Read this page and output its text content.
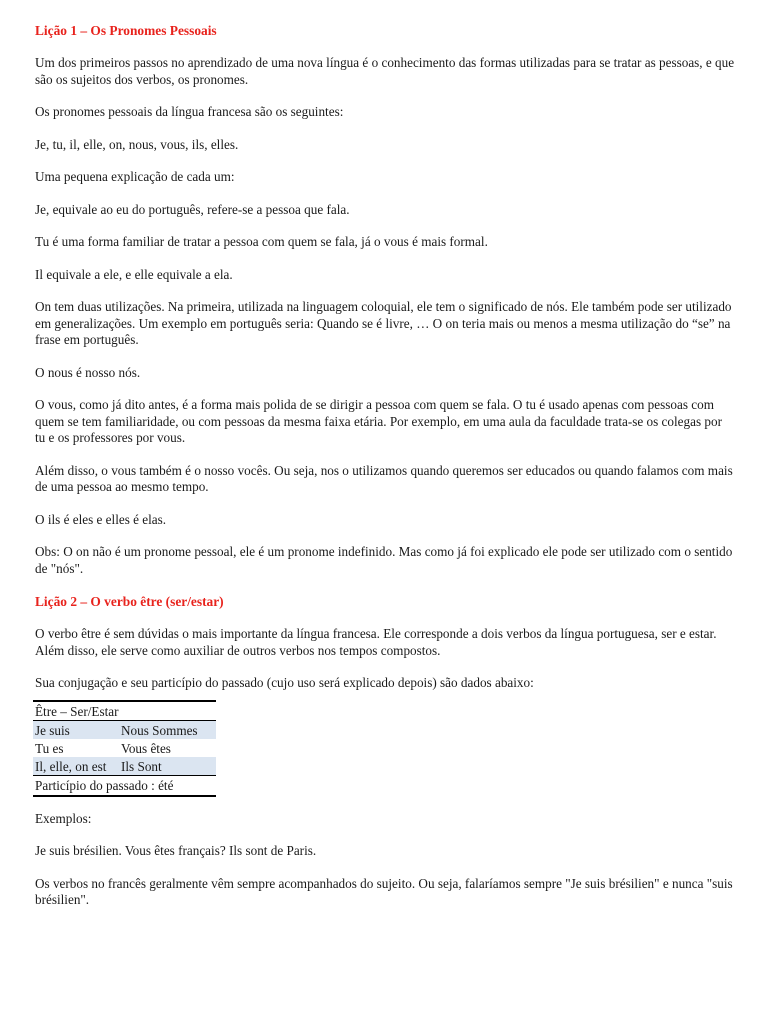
Lição 1 – Os Pronomes Pessoais

Um dos primeiros passos no aprendizado de uma nova língua é o conhecimento das formas utilizadas para se tratar as pessoas, e que são os sujeitos dos verbos, os pronomes.

Os pronomes pessoais da língua francesa são os seguintes:

Je, tu, il, elle, on, nous, vous, ils, elles.

Uma pequena explicação de cada um:

Je, equivale ao eu do português, refere-se a pessoa que fala.

Tu é uma forma familiar de tratar a pessoa com quem se fala, já o vous é mais formal.

Il equivale a ele, e elle equivale a ela.

On tem duas utilizações. Na primeira, utilizada na linguagem coloquial, ele tem o significado de nós. Ele também pode ser utilizado em generalizações. Um exemplo em português seria: Quando se é livre, … O on teria mais ou menos a mesma utilização do “se” na frase em português.

O nous é nosso nós.

O vous, como já dito antes, é a forma mais polida de se dirigir a pessoa com quem se fala. O tu é usado apenas com pessoas com quem se tem familiaridade, ou com pessoas da mesma faixa etária. Por exemplo, em uma aula da faculdade trata-se os colegas por tu e os professores por vous.

Além disso, o vous também é o nosso vocês. Ou seja, nos o utilizamos quando queremos ser educados ou quando falamos com mais de uma pessoa ao mesmo tempo.

O ils é eles e elles é elas.

Obs: O on não é um pronome pessoal, ele é um pronome indefinido. Mas como já foi explicado ele pode ser utilizado com o sentido de "nós".

Lição 2 – O verbo être (ser/estar)

O verbo être é sem dúvidas o mais importante da língua francesa. Ele corresponde a dois verbos da língua portuguesa, ser e estar. Além disso, ele serve como auxiliar de outros verbos nos tempos compostos.

Sua conjugação e seu particípio do passado (cujo uso será explicado depois) são dados abaixo:

Être – Ser/Estar	
Je suis	Nous Sommes
Tu es	Vous êtes
Il, elle, on est	Ils Sont
Particípio do passado : été	

Exemplos:

Je suis brésilien. Vous êtes français? Ils sont de Paris.

Os verbos no francês geralmente vêm sempre acompanhados do sujeito. Ou seja, falaríamos sempre "Je suis brésilien" e nunca "suis brésilien".
